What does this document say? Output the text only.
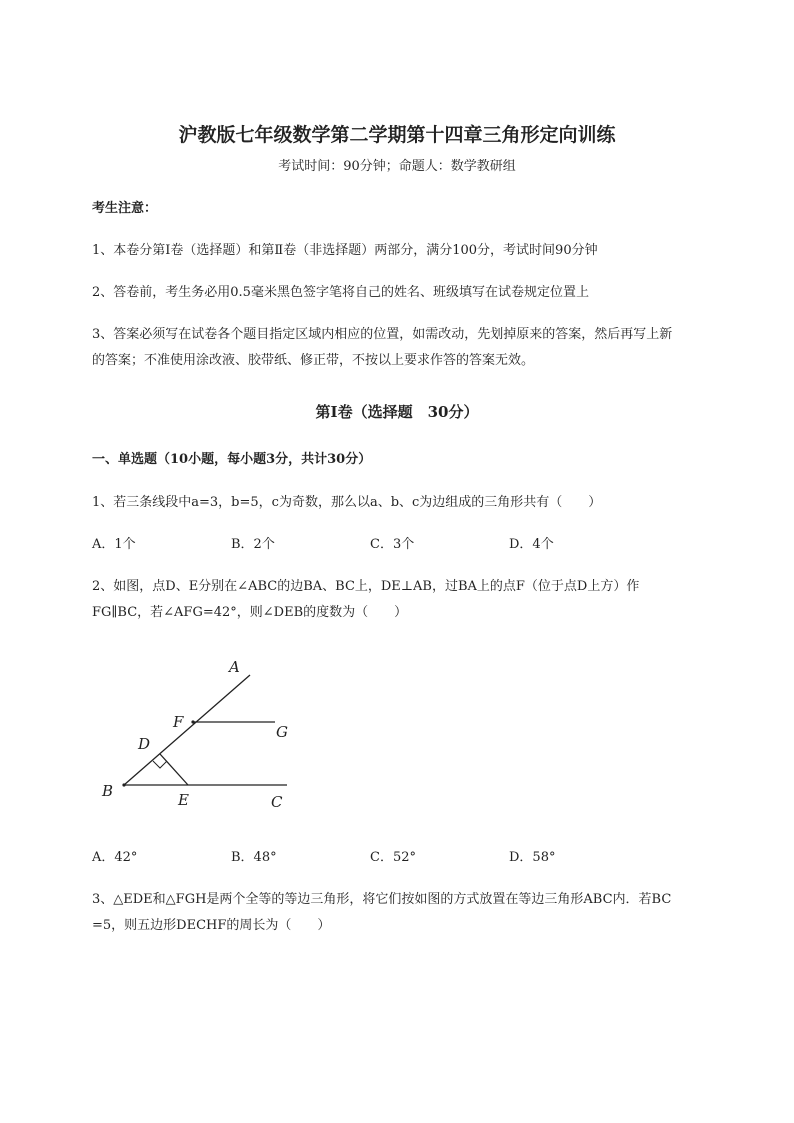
沪教版七年级数学第二学期第十四章三角形定向训练
考试时间：90分钟；命题人：数学教研组
考生注意：
1、本卷分第Ⅰ卷（选择题）和第Ⅱ卷（非选择题）两部分，满分100分，考试时间90分钟
2、答卷前，考生务必用0.5毫米黑色签字笔将自己的姓名、班级填写在试卷规定位置上
3、答案必须写在试卷各个题目指定区域内相应的位置，如需改动，先划掉原来的答案，然后再写上新
的答案；不准使用涂改液、胶带纸、修正带，不按以上要求作答的答案无效。
第Ⅰ卷（选择题　30分）
一、单选题（10小题，每小题3分，共计30分）
1、若三条线段中a=3，b=5，c为奇数，那么以a、b、c为边组成的三角形共有（　　）
A．1个	B．2个	C．3个	D．4个
2、如图，点D、E分别在∠ABC的边BA、BC上，DE⊥AB，过BA上的点F（位于点D上方）作
FG∥BC，若∠AFG=42°，则∠DEB的度数为（　　）
A
F
G
D
B	E	C
A．42°	B．48°	C．52°	D．58°
3、△EDE和△FGH是两个全等的等边三角形，将它们按如图的方式放置在等边三角形ABC内．若BC
=5，则五边形DECHF的周长为（　　）
